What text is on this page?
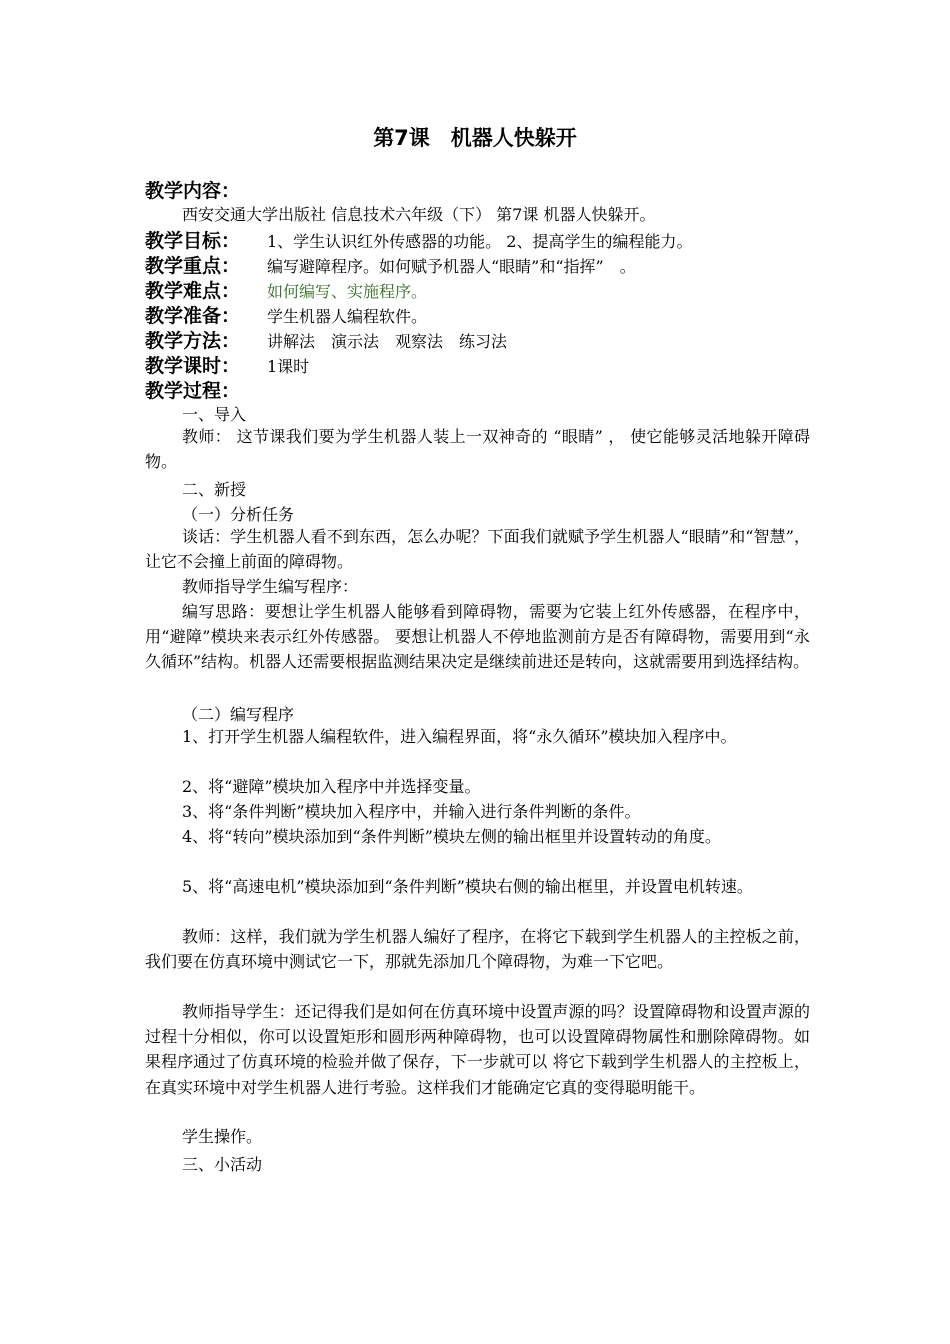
第7课　机器人快躲开
教学内容：

西安交通大学出版社 信息技术六年级（下） 第7课 机器人快躲开。

教学目标： 1、学生认识红外传感器的功能。 2、提高学生的编程能力。
教学重点： 编写避障程序。如何赋予机器人“眼睛”和“指挥”　。
教学难点： 如何编写、实施程序。
教学准备： 学生机器人编程软件。
教学方法： 讲解法　演示法　观察法　练习法
教学课时： 1课时
教学过程：

一、导入

教师： 这节课我们要为学生机器人装上一双神奇的 “眼睛” ， 使它能够灵活地躲开障碍物。

二、新授

（一）分析任务

谈话：学生机器人看不到东西，怎么办呢？下面我们就赋予学生机器人“眼睛”和“智慧”，让它不会撞上前面的障碍物。

教师指导学生编写程序：

编写思路：要想让学生机器人能够看到障碍物，需要为它装上红外传感器，在程序中，用“避障”模块来表示红外传感器。 要想让机器人不停地监测前方是否有障碍物，需要用到“永久循环”结构。机器人还需要根据监测结果决定是继续前进还是转向，这就需要用到选择结构。

（二）编写程序

1、打开学生机器人编程软件，进入编程界面，将“永久循环”模块加入程序中。

2、将“避障”模块加入程序中并选择变量。

3、将“条件判断”模块加入程序中，并输入进行条件判断的条件。

4、将“转向”模块添加到“条件判断”模块左侧的输出框里并设置转动的角度。

5、将“高速电机”模块添加到“条件判断”模块右侧的输出框里，并设置电机转速。

教师：这样，我们就为学生机器人编好了程序，在将它下载到学生机器人的主控板之前，我们要在仿真环境中测试它一下，那就先添加几个障碍物，为难一下它吧。

教师指导学生：还记得我们是如何在仿真环境中设置声源的吗？设置障碍物和设置声源的过程十分相似，你可以设置矩形和圆形两种障碍物，也可以设置障碍物属性和删除障碍物。如果程序通过了仿真环境的检验并做了保存，下一步就可以 将它下载到学生机器人的主控板上，在真实环境中对学生机器人进行考验。这样我们才能确定它真的变得聪明能干。

学生操作。

三、小活动
